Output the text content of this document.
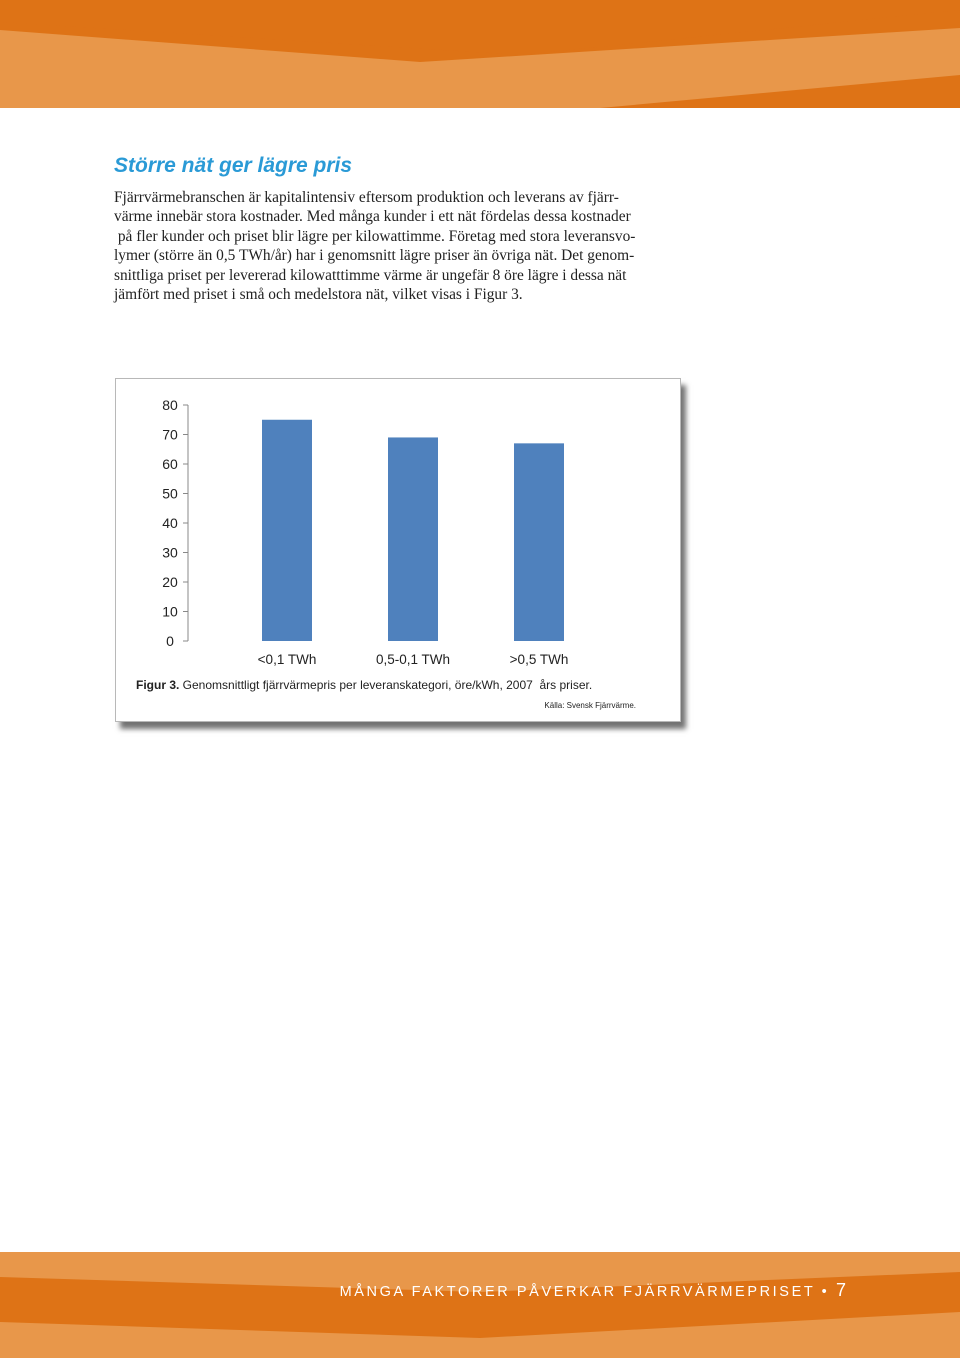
Större nät ger lägre pris
Fjärrvärmebranschen är kapitalintensiv eftersom produktion och leverans av fjärr-
värme innebär stora kostnader. Med många kunder i ett nät fördelas dessa kostnader
på fler kunder och priset blir lägre per kilowattimme. Företag med stora leveransvo-
lymer (större än 0,5 TWh/år) har i genomsnitt lägre priser än övriga nät. Det genom-
snittliga priset per levererad kilowatttimme värme är ungefär 8 öre lägre i dessa nät
jämfört med priset i små och medelstora nät, vilket visas i Figur 3.
0
10
20
30
40
50
60
70
80
<0,1 TWh	0,5-0,1 TWh	>0,5 TWh
Figur 3. Genomsnittligt fjärrvärmepris per leveranskategori, öre/kWh, 2007  års priser.
Källa: Svensk Fjärrvärme.
MÅNGA FAKTORER PÅVERKAR FJÄRRVÄRMEPRISET • 7
